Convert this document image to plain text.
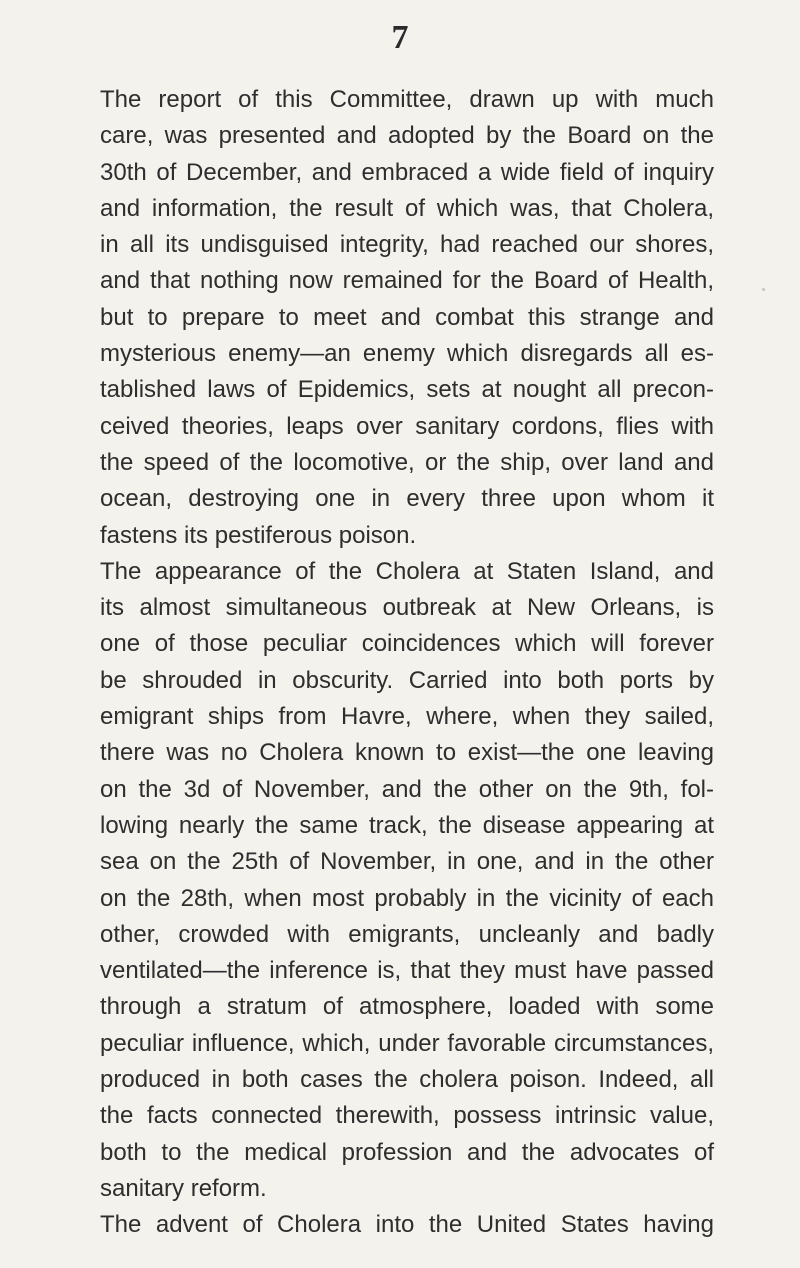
7
The report of this Committee, drawn up with much
care, was presented and adopted by the Board on the
30th of December, and embraced a wide field of inquiry
and information, the result of which was, that Cholera,
in all its undisguised integrity, had reached our shores,
and that nothing now remained for the Board of Health,
but to prepare to meet and combat this strange and
mysterious enemy—an enemy which disregards all es-
tablished laws of Epidemics, sets at nought all precon-
ceived theories, leaps over sanitary cordons, flies with
the speed of the locomotive, or the ship, over land and
ocean, destroying one in every three upon whom it
fastens its pestiferous poison.
The appearance of the Cholera at Staten Island, and
its almost simultaneous outbreak at New Orleans, is
one of those peculiar coincidences which will forever
be shrouded in obscurity. Carried into both ports by
emigrant ships from Havre, where, when they sailed,
there was no Cholera known to exist—the one leaving
on the 3d of November, and the other on the 9th, fol-
lowing nearly the same track, the disease appearing at
sea on the 25th of November, in one, and in the other
on the 28th, when most probably in the vicinity of each
other, crowded with emigrants, uncleanly and badly
ventilated—the inference is, that they must have passed
through a stratum of atmosphere, loaded with some
peculiar influence, which, under favorable circumstances,
produced in both cases the cholera poison. Indeed, all
the facts connected therewith, possess intrinsic value,
both to the medical profession and the advocates of
sanitary reform.
The advent of Cholera into the United States having
